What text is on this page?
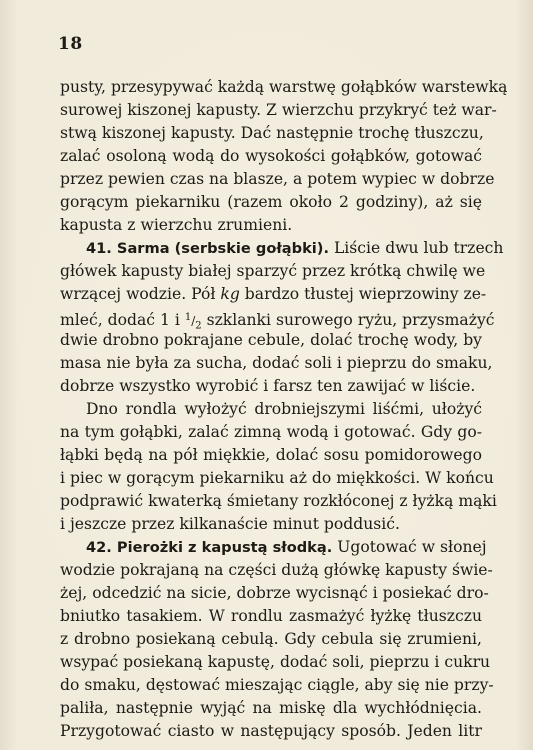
18
pusty, przesypywać każdą warstwę gołąbków warstewką
surowej kiszonej kapusty. Z wierzchu przykryć też war-
stwą kiszonej kapusty. Dać następnie trochę tłuszczu,
zalać osoloną wodą do wysokości gołąbków, gotować
przez pewien czas na blasze, a potem wypiec w dobrze
gorącym piekarniku (razem około 2 godziny), aż się
kapusta z wierzchu zrumieni.
41. Sarma (serbskie gołąbki). Liście dwu lub trzech
główek kapusty białej sparzyć przez krótką chwilę we
wrzącej wodzie. Pół kg bardzo tłustej wieprzowiny ze-
mleć, dodać 1 i $^1/_2$ szklanki surowego ryżu, przysmażyć
dwie drobno pokrajane cebule, dolać trochę wody, by
masa nie była za sucha, dodać soli i pieprzu do smaku,
dobrze wszystko wyrobić i farsz ten zawijać w liście.
Dno rondla wyłożyć drobniejszymi liśćmi, ułożyć
na tym gołąbki, zalać zimną wodą i gotować. Gdy go-
łąbki będą na pół miękkie, dolać sosu pomidorowego
i piec w gorącym piekarniku aż do miękkości. W końcu
podprawić kwaterką śmietany rozkłóconej z łyżką mąki
i jeszcze przez kilkanaście minut poddusić.
42. Pierożki z kapustą słodką. Ugotować w słonej
wodzie pokrajaną na części dużą główkę kapusty świe-
żej, odcedzić na sicie, dobrze wycisnąć i posiekać dro-
bniutko tasakiem. W rondlu zasmażyć łyżkę tłuszczu
z drobno posiekaną cebulą. Gdy cebula się zrumieni,
wsypać posiekaną kapustę, dodać soli, pieprzu i cukru
do smaku, dęstować mieszając ciągle, aby się nie przy-
paliła, następnie wyjąć na miskę dla wychłódnięcia.
Przygotować ciasto w następujący sposób. Jeden litr
